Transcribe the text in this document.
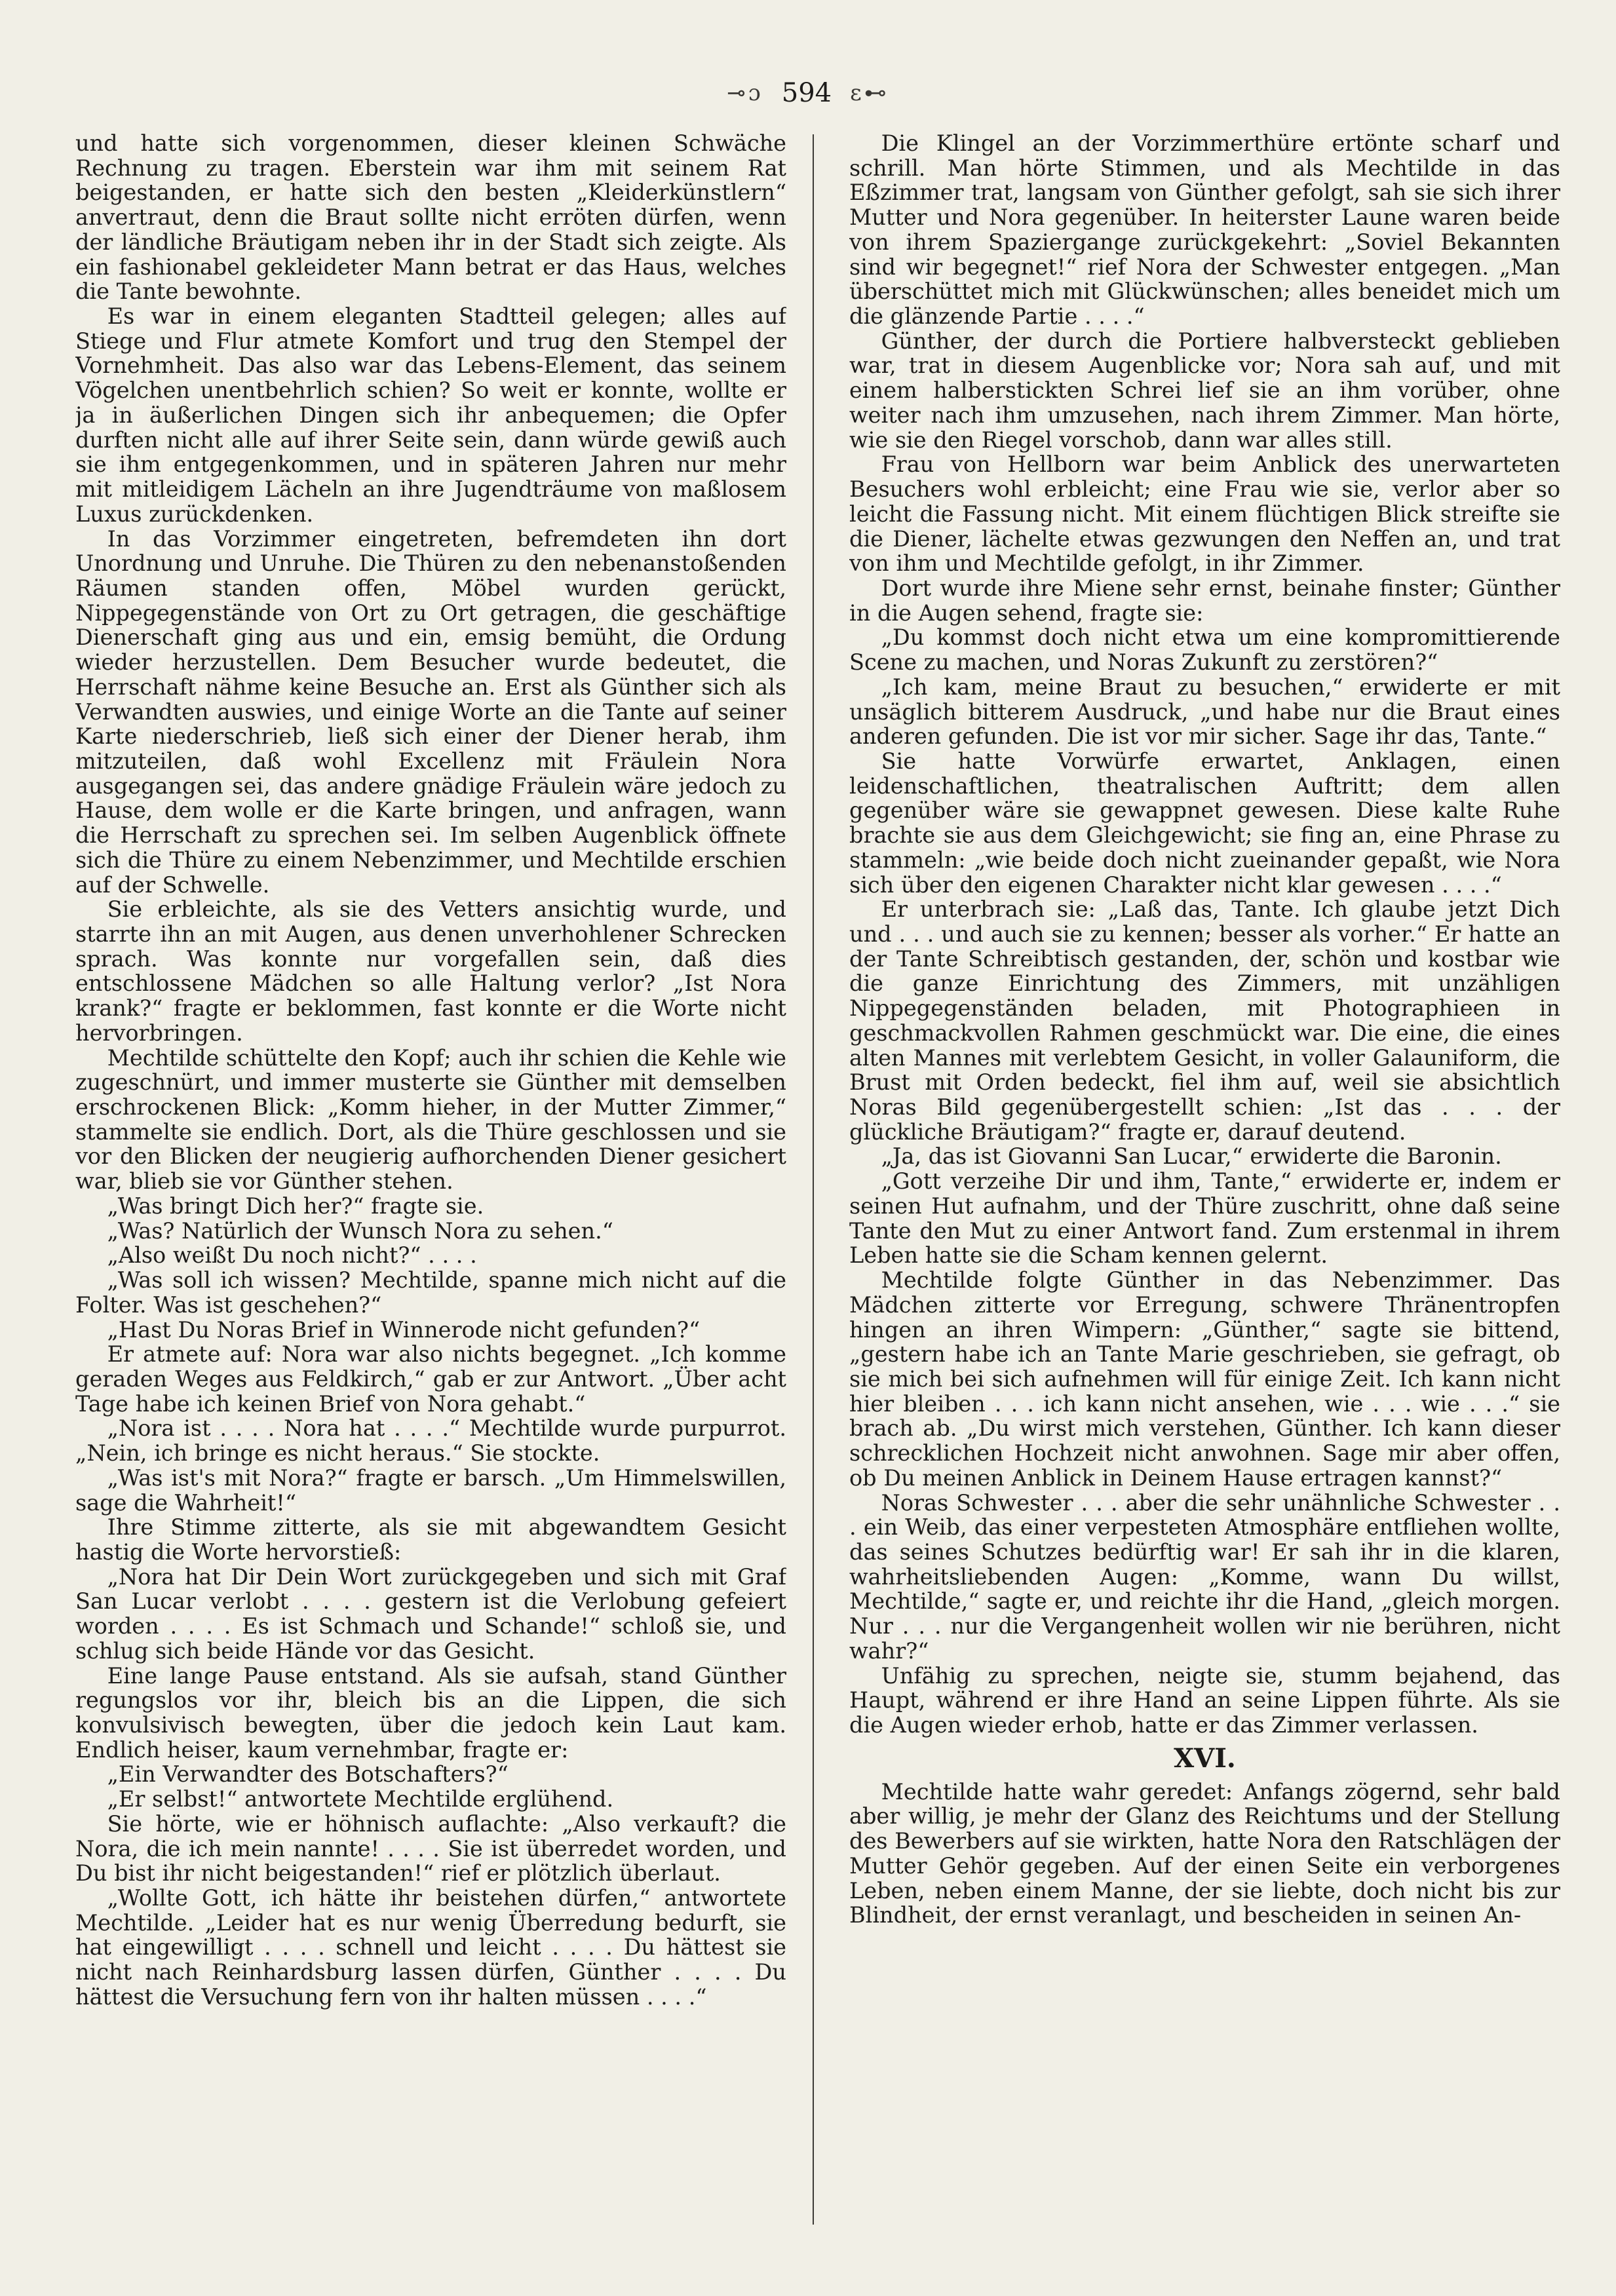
⊸ɔ 594 ɛ⊷

und hatte sich vorgenommen, dieser kleinen Schwäche Rechnung zu tragen. Eberstein war ihm mit seinem Rat beigestanden, er hatte sich den besten „Kleiderkünstlern“ anvertraut, denn die Braut sollte nicht erröten dürfen, wenn der ländliche Bräutigam neben ihr in der Stadt sich zeigte. Als ein fashionabel gekleideter Mann betrat er das Haus, welches die Tante bewohnte.

Es war in einem eleganten Stadtteil gelegen; alles auf Stiege und Flur atmete Komfort und trug den Stempel der Vornehmheit. Das also war das Lebens-Element, das seinem Vögelchen unentbehrlich schien? So weit er konnte, wollte er ja in äußerlichen Dingen sich ihr anbequemen; die Opfer durften nicht alle auf ihrer Seite sein, dann würde gewiß auch sie ihm entgegenkommen, und in späteren Jahren nur mehr mit mitleidigem Lächeln an ihre Jugendträume von maßlosem Luxus zurückdenken.

In das Vorzimmer eingetreten, befremdeten ihn dort Unordnung und Unruhe. Die Thüren zu den nebenanstoßenden Räumen standen offen, Möbel wurden gerückt, Nippegegenstände von Ort zu Ort getragen, die geschäftige Dienerschaft ging aus und ein, emsig bemüht, die Ordung wieder herzustellen. Dem Besucher wurde bedeutet, die Herrschaft nähme keine Besuche an. Erst als Günther sich als Verwandten auswies, und einige Worte an die Tante auf seiner Karte niederschrieb, ließ sich einer der Diener herab, ihm mitzuteilen, daß wohl Excellenz mit Fräulein Nora ausgegangen sei, das andere gnädige Fräulein wäre jedoch zu Hause, dem wolle er die Karte bringen, und anfragen, wann die Herrschaft zu sprechen sei. Im selben Augenblick öffnete sich die Thüre zu einem Nebenzimmer, und Mechtilde erschien auf der Schwelle.

Sie erbleichte, als sie des Vetters ansichtig wurde, und starrte ihn an mit Augen, aus denen unverhohlener Schrecken sprach. Was konnte nur vorgefallen sein, daß dies entschlossene Mädchen so alle Haltung verlor? „Ist Nora krank?“ fragte er beklommen, fast konnte er die Worte nicht hervorbringen.

Mechtilde schüttelte den Kopf; auch ihr schien die Kehle wie zugeschnürt, und immer musterte sie Günther mit demselben erschrockenen Blick: „Komm hieher, in der Mutter Zimmer,“ stammelte sie endlich. Dort, als die Thüre geschlossen und sie vor den Blicken der neugierig aufhorchenden Diener gesichert war, blieb sie vor Günther stehen.

„Was bringt Dich her?“ fragte sie.

„Was? Natürlich der Wunsch Nora zu sehen.“

„Also weißt Du noch nicht?“ . . . .

„Was soll ich wissen? Mechtilde, spanne mich nicht auf die Folter. Was ist geschehen?“

„Hast Du Noras Brief in Winnerode nicht gefunden?“

Er atmete auf: Nora war also nichts begegnet. „Ich komme geraden Weges aus Feldkirch,“ gab er zur Antwort. „Über acht Tage habe ich keinen Brief von Nora gehabt.“

„Nora ist . . . . Nora hat . . . .“ Mechtilde wurde purpurrot. „Nein, ich bringe es nicht heraus.“ Sie stockte.

„Was ist's mit Nora?“ fragte er barsch. „Um Himmelswillen, sage die Wahrheit!“

Ihre Stimme zitterte, als sie mit abgewandtem Gesicht hastig die Worte hervorstieß:

„Nora hat Dir Dein Wort zurückgegeben und sich mit Graf San Lucar verlobt . . . . gestern ist die Verlobung gefeiert worden . . . . Es ist Schmach und Schande!“ schloß sie, und schlug sich beide Hände vor das Gesicht.

Eine lange Pause entstand. Als sie aufsah, stand Günther regungslos vor ihr, bleich bis an die Lippen, die sich konvulsivisch bewegten, über die jedoch kein Laut kam. Endlich heiser, kaum vernehmbar, fragte er:

„Ein Verwandter des Botschafters?“

„Er selbst!“ antwortete Mechtilde erglühend.

Sie hörte, wie er höhnisch auflachte: „Also verkauft? die Nora, die ich mein nannte! . . . . Sie ist überredet worden, und Du bist ihr nicht beigestanden!“ rief er plötzlich überlaut.

„Wollte Gott, ich hätte ihr beistehen dürfen,“ antwortete Mechtilde. „Leider hat es nur wenig Überredung bedurft, sie hat eingewilligt . . . . schnell und leicht . . . . Du hättest sie nicht nach Reinhardsburg lassen dürfen, Günther . . . . Du hättest die Versuchung fern von ihr halten müssen . . . .“

Die Klingel an der Vorzimmerthüre ertönte scharf und schrill. Man hörte Stimmen, und als Mechtilde in das Eßzimmer trat, langsam von Günther gefolgt, sah sie sich ihrer Mutter und Nora gegenüber. In heiterster Laune waren beide von ihrem Spaziergange zurückgekehrt: „Soviel Bekannten sind wir begegnet!“ rief Nora der Schwester entgegen. „Man überschüttet mich mit Glückwünschen; alles beneidet mich um die glänzende Partie . . . .“

Günther, der durch die Portiere halbversteckt geblieben war, trat in diesem Augenblicke vor; Nora sah auf, und mit einem halberstickten Schrei lief sie an ihm vorüber, ohne weiter nach ihm umzusehen, nach ihrem Zimmer. Man hörte, wie sie den Riegel vorschob, dann war alles still.

Frau von Hellborn war beim Anblick des unerwarteten Besuchers wohl erbleicht; eine Frau wie sie, verlor aber so leicht die Fassung nicht. Mit einem flüchtigen Blick streifte sie die Diener, lächelte etwas gezwungen den Neffen an, und trat von ihm und Mechtilde gefolgt, in ihr Zimmer.

Dort wurde ihre Miene sehr ernst, beinahe finster; Günther in die Augen sehend, fragte sie:

„Du kommst doch nicht etwa um eine kompromittierende Scene zu machen, und Noras Zukunft zu zerstören?“

„Ich kam, meine Braut zu besuchen,“ erwiderte er mit unsäglich bitterem Ausdruck, „und habe nur die Braut eines anderen gefunden. Die ist vor mir sicher. Sage ihr das, Tante.“

Sie hatte Vorwürfe erwartet, Anklagen, einen leidenschaftlichen, theatralischen Auftritt; dem allen gegenüber wäre sie gewappnet gewesen. Diese kalte Ruhe brachte sie aus dem Gleichgewicht; sie fing an, eine Phrase zu stammeln: „wie beide doch nicht zueinander gepaßt, wie Nora sich über den eigenen Charakter nicht klar gewesen . . . .“

Er unterbrach sie: „Laß das, Tante. Ich glaube jetzt Dich und . . . und auch sie zu kennen; besser als vorher.“ Er hatte an der Tante Schreibtisch gestanden, der, schön und kostbar wie die ganze Einrichtung des Zimmers, mit unzähligen Nippegegenständen beladen, mit Photographieen in geschmackvollen Rahmen geschmückt war. Die eine, die eines alten Mannes mit verlebtem Gesicht, in voller Galauniform, die Brust mit Orden bedeckt, fiel ihm auf, weil sie absichtlich Noras Bild gegenübergestellt schien: „Ist das . . . der glückliche Bräutigam?“ fragte er, darauf deutend.

„Ja, das ist Giovanni San Lucar,“ erwiderte die Baronin.

„Gott verzeihe Dir und ihm, Tante,“ erwiderte er, indem er seinen Hut aufnahm, und der Thüre zuschritt, ohne daß seine Tante den Mut zu einer Antwort fand. Zum erstenmal in ihrem Leben hatte sie die Scham kennen gelernt.

Mechtilde folgte Günther in das Nebenzimmer. Das Mädchen zitterte vor Erregung, schwere Thränentropfen hingen an ihren Wimpern: „Günther,“ sagte sie bittend, „gestern habe ich an Tante Marie geschrieben, sie gefragt, ob sie mich bei sich aufnehmen will für einige Zeit. Ich kann nicht hier bleiben . . . ich kann nicht ansehen, wie . . . wie . . .“ sie brach ab. „Du wirst mich verstehen, Günther. Ich kann dieser schrecklichen Hochzeit nicht anwohnen. Sage mir aber offen, ob Du meinen Anblick in Deinem Hause ertragen kannst?“

Noras Schwester . . . aber die sehr unähnliche Schwester . . . ein Weib, das einer verpesteten Atmosphäre entfliehen wollte, das seines Schutzes bedürftig war! Er sah ihr in die klaren, wahrheitsliebenden Augen: „Komme, wann Du willst, Mechtilde,“ sagte er, und reichte ihr die Hand, „gleich morgen. Nur . . . nur die Vergangenheit wollen wir nie berühren, nicht wahr?“

Unfähig zu sprechen, neigte sie, stumm bejahend, das Haupt, während er ihre Hand an seine Lippen führte. Als sie die Augen wieder erhob, hatte er das Zimmer verlassen.

XVI.

Mechtilde hatte wahr geredet: Anfangs zögernd, sehr bald aber willig, je mehr der Glanz des Reichtums und der Stellung des Bewerbers auf sie wirkten, hatte Nora den Ratschlägen der Mutter Gehör gegeben. Auf der einen Seite ein verborgenes Leben, neben einem Manne, der sie liebte, doch nicht bis zur Blindheit, der ernst veranlagt, und bescheiden in seinen An-
